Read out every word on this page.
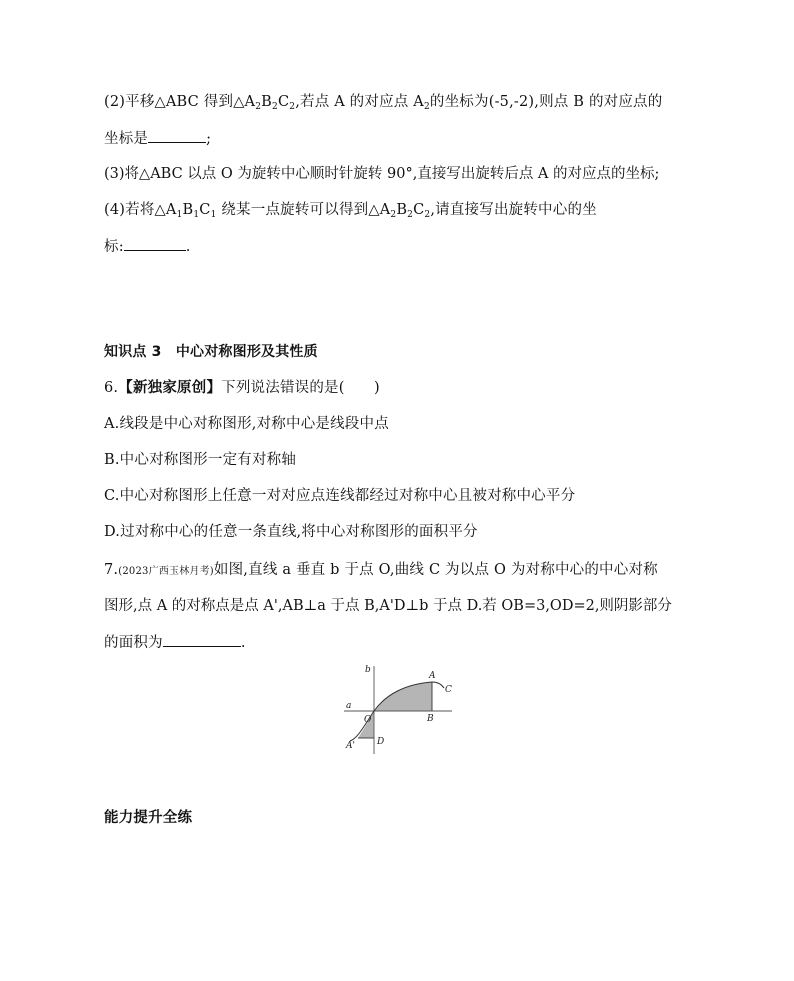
(2)平移△ABC 得到$\triangle A_2B_2C_2$,若点 A 的对应点 $A_2$的坐标为(-5,-2),则点 B 的对应点的
坐标是	;
(3)将△ABC 以点 O 为旋转中心顺时针旋转 90°,直接写出旋转后点 A 的对应点的坐标;
(4)若将$\triangle A_1B_1C_1$ 绕某一点旋转可以得到$\triangle A_2B_2C_2$,请直接写出旋转中心的坐
标:	.
知识点 3　中心对称图形及其性质
6.【新独家原创】下列说法错误的是(　　)
A.线段是中心对称图形,对称中心是线段中点
B.中心对称图形一定有对称轴
C.中心对称图形上任意一对对应点连线都经过对称中心且被对称中心平分
D.过对称中心的任意一条直线,将中心对称图形的面积平分
7.(2023广西玉林月考)如图,直线 a 垂直 b 于点 O,曲线 C 为以点 O 为对称中心的中心对称
图形,点 A 的对称点是点 A',AB⊥a 于点 B,A'D⊥b 于点 D.若 OB=3,OD=2,则阴影部分
的面积为	.
a
b
O
A
B
C
D
A'
能力提升全练
